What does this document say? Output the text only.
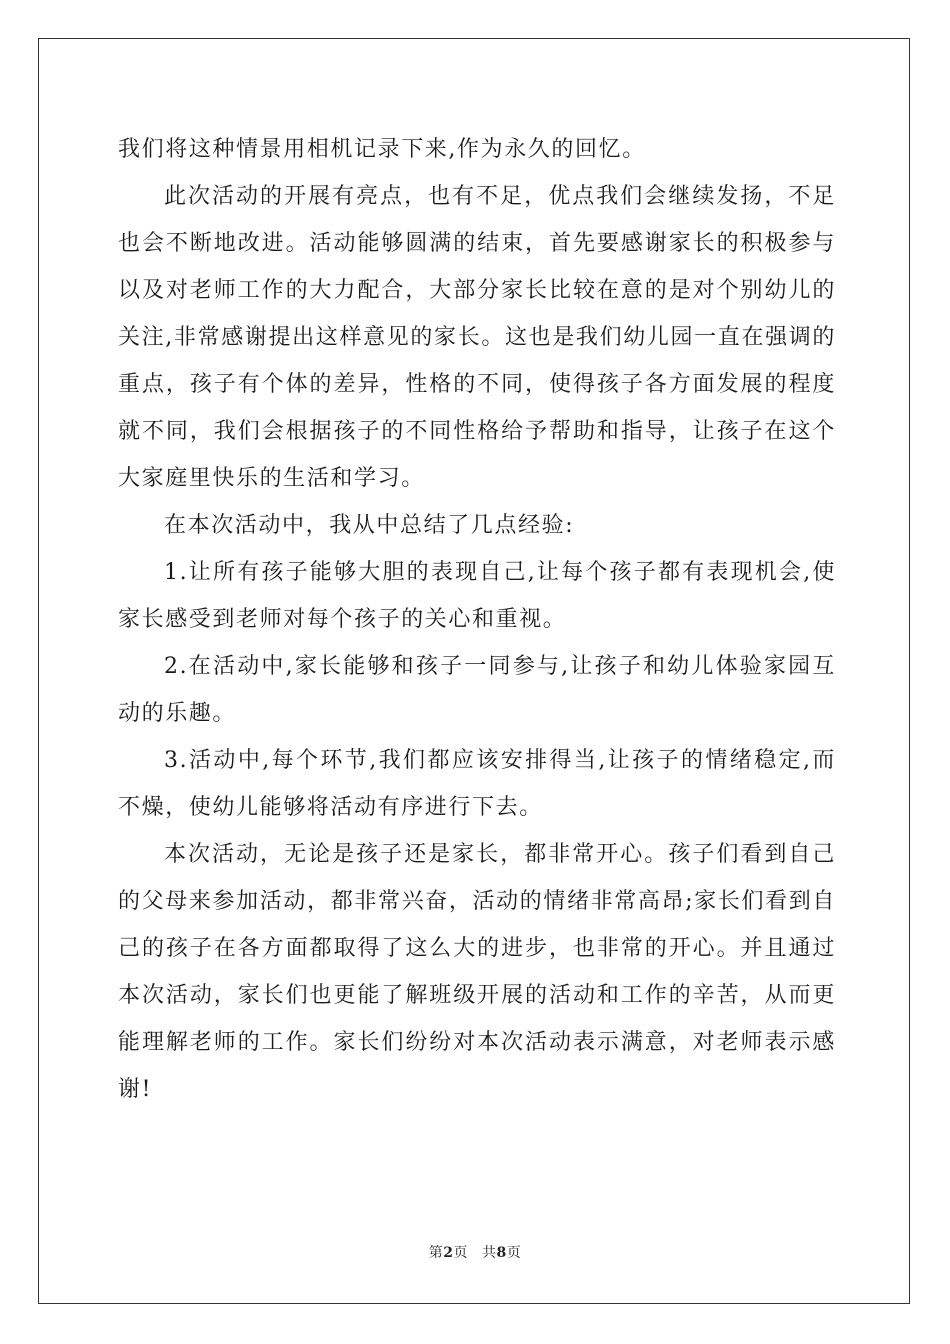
我们将这种情景用相机记录下来,作为永久的回忆。

此次活动的开展有亮点，也有不足，优点我们会继续发扬，不足也会不断地改进。活动能够圆满的结束，首先要感谢家长的积极参与以及对老师工作的大力配合，大部分家长比较在意的是对个别幼儿的关注,非常感谢提出这样意见的家长。这也是我们幼儿园一直在强调的重点，孩子有个体的差异，性格的不同，使得孩子各方面发展的程度就不同，我们会根据孩子的不同性格给予帮助和指导，让孩子在这个大家庭里快乐的生活和学习。

在本次活动中，我从中总结了几点经验:

1.让所有孩子能够大胆的表现自己,让每个孩子都有表现机会,使家长感受到老师对每个孩子的关心和重视。

2.在活动中,家长能够和孩子一同参与,让孩子和幼儿体验家园互动的乐趣。

3.活动中,每个环节,我们都应该安排得当,让孩子的情绪稳定,而不燥，使幼儿能够将活动有序进行下去。

本次活动，无论是孩子还是家长，都非常开心。孩子们看到自己的父母来参加活动，都非常兴奋，活动的情绪非常高昂;家长们看到自己的孩子在各方面都取得了这么大的进步，也非常的开心。并且通过本次活动，家长们也更能了解班级开展的活动和工作的辛苦，从而更能理解老师的工作。家长们纷纷对本次活动表示满意，对老师表示感谢!

第2页 共8页
